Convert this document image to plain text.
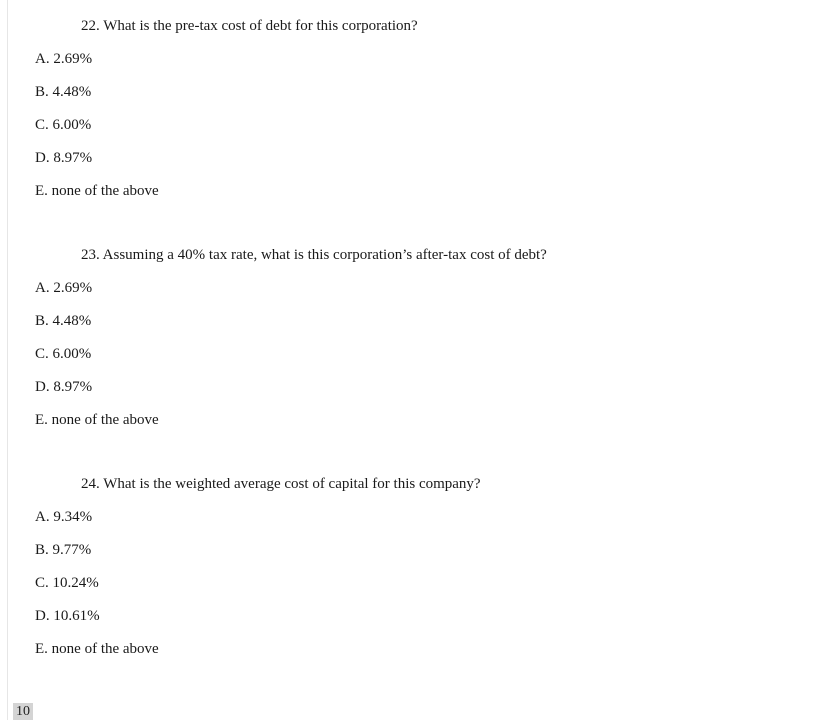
22. What is the pre-tax cost of debt for this corporation?
A. 2.69%
B. 4.48%
C. 6.00%
D. 8.97%
E. none of the above
23. Assuming a 40% tax rate, what is this corporation’s after-tax cost of debt?
A. 2.69%
B. 4.48%
C. 6.00%
D. 8.97%
E. none of the above
24. What is the weighted average cost of capital for this company?
A. 9.34%
B. 9.77%
C. 10.24%
D. 10.61%
E. none of the above
10
